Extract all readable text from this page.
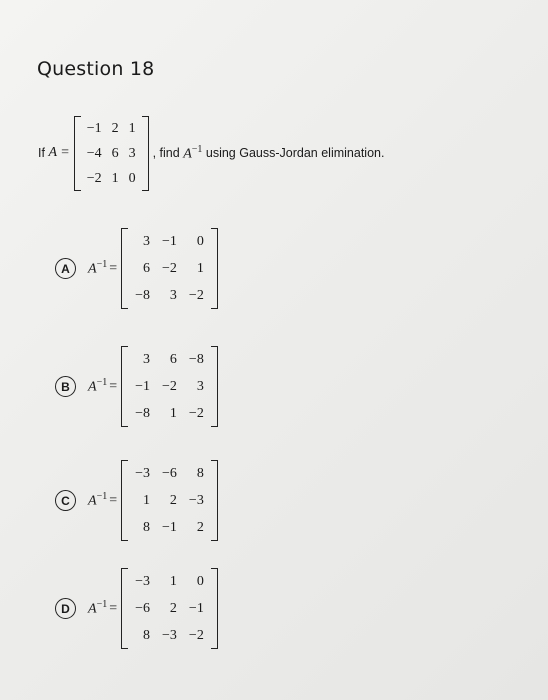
Question 18
If
A =
−1	2	1
−4	6	3
−2	1	0
, find
$A^{-1}$
using Gauss-Jordan elimination.
A	$A^{-1}$ =
3	−1	0
6	−2	1
−8	3	−2
B	$A^{-1}$ =
3	6	−8
−1	−2	3
−8	1	−2
C	$A^{-1}$ =
−3	−6	8
1	2	−3
8	−1	2
D	$A^{-1}$ =
−3	1	0
−6	2	−1
8	−3	−2
